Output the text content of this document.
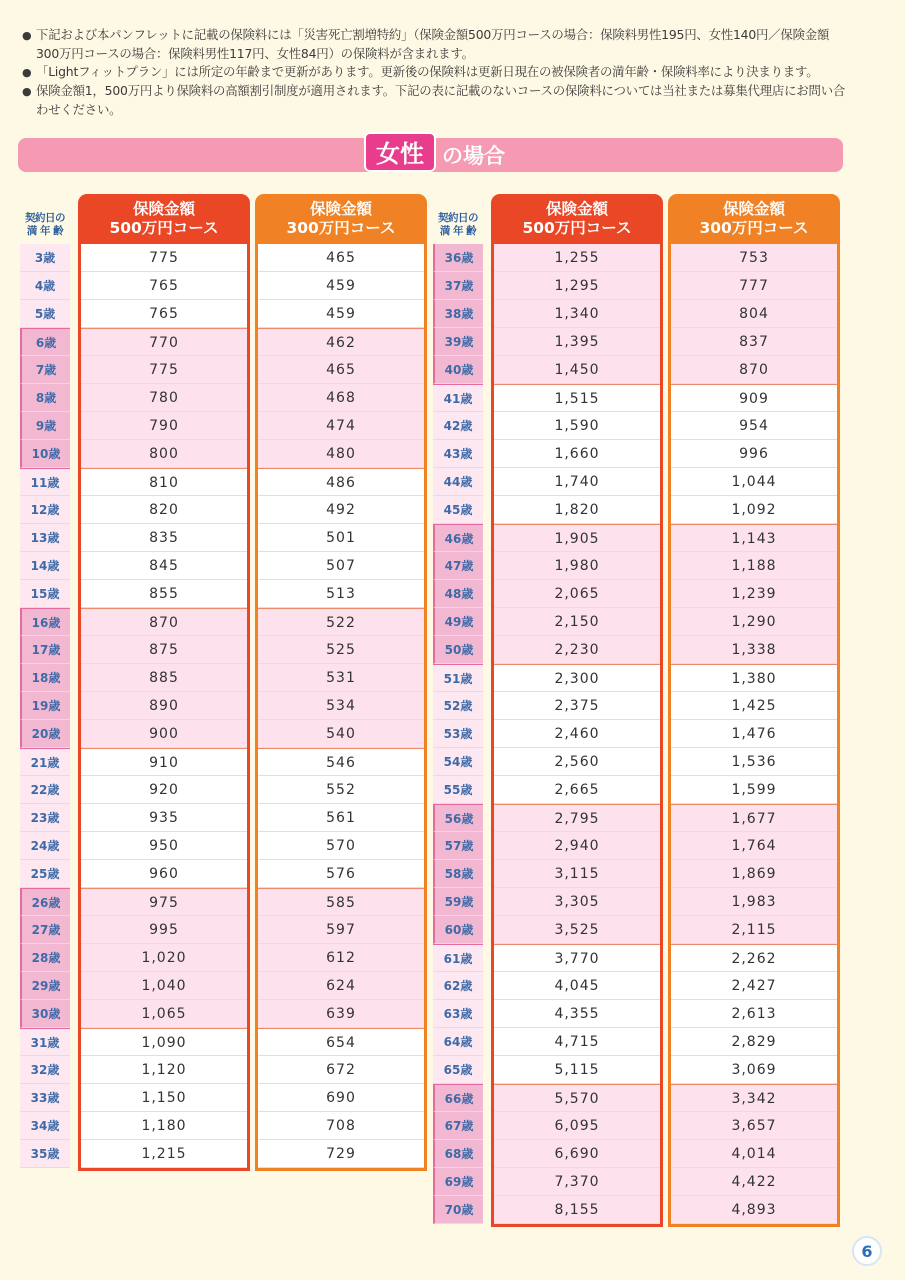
● 下記および本パンフレットに記載の保険料には「災害死亡割増特約」（保険金額500万円コースの場合：保険料男性195円、女性140円／保険金額300万円コースの場合：保険料男性117円、女性84円）の保険料が含まれます。

● 「Lightフィットプラン」には所定の年齢まで更新があります。更新後の保険料は更新日現在の被保険者の満年齢・保険料率により決まります。

● 保険金額1，500万円より保険料の高額割引制度が適用されます。下記の表に記載のないコースの保険料については当社または募集代理店にお問い合わせください。

女性 の場合
契約日の
満 年 齢
保険金額
500万円コース
保険金額
300万円コース
3歳
4歳
5歳
6歳
7歳
8歳
9歳
10歳
11歳
12歳
13歳
14歳
15歳
16歳
17歳
18歳
19歳
20歳
21歳
22歳
23歳
24歳
25歳
26歳
27歳
28歳
29歳
30歳
31歳
32歳
33歳
34歳
35歳
775
765
765
770
775
780
790
800
810
820
835
845
855
870
875
885
890
900
910
920
935
950
960
975
995
1,020
1,040
1,065
1,090
1,120
1,150
1,180
1,215
465
459
459
462
465
468
474
480
486
492
501
507
513
522
525
531
534
540
546
552
561
570
576
585
597
612
624
639
654
672
690
708
729
契約日の
満 年 齢
保険金額
500万円コース
保険金額
300万円コース
36歳
37歳
38歳
39歳
40歳
41歳
42歳
43歳
44歳
45歳
46歳
47歳
48歳
49歳
50歳
51歳
52歳
53歳
54歳
55歳
56歳
57歳
58歳
59歳
60歳
61歳
62歳
63歳
64歳
65歳
66歳
67歳
68歳
69歳
70歳
1,255
1,295
1,340
1,395
1,450
1,515
1,590
1,660
1,740
1,820
1,905
1,980
2,065
2,150
2,230
2,300
2,375
2,460
2,560
2,665
2,795
2,940
3,115
3,305
3,525
3,770
4,045
4,355
4,715
5,115
5,570
6,095
6,690
7,370
8,155
753
777
804
837
870
909
954
996
1,044
1,092
1,143
1,188
1,239
1,290
1,338
1,380
1,425
1,476
1,536
1,599
1,677
1,764
1,869
1,983
2,115
2,262
2,427
2,613
2,829
3,069
3,342
3,657
4,014
4,422
4,893
6
